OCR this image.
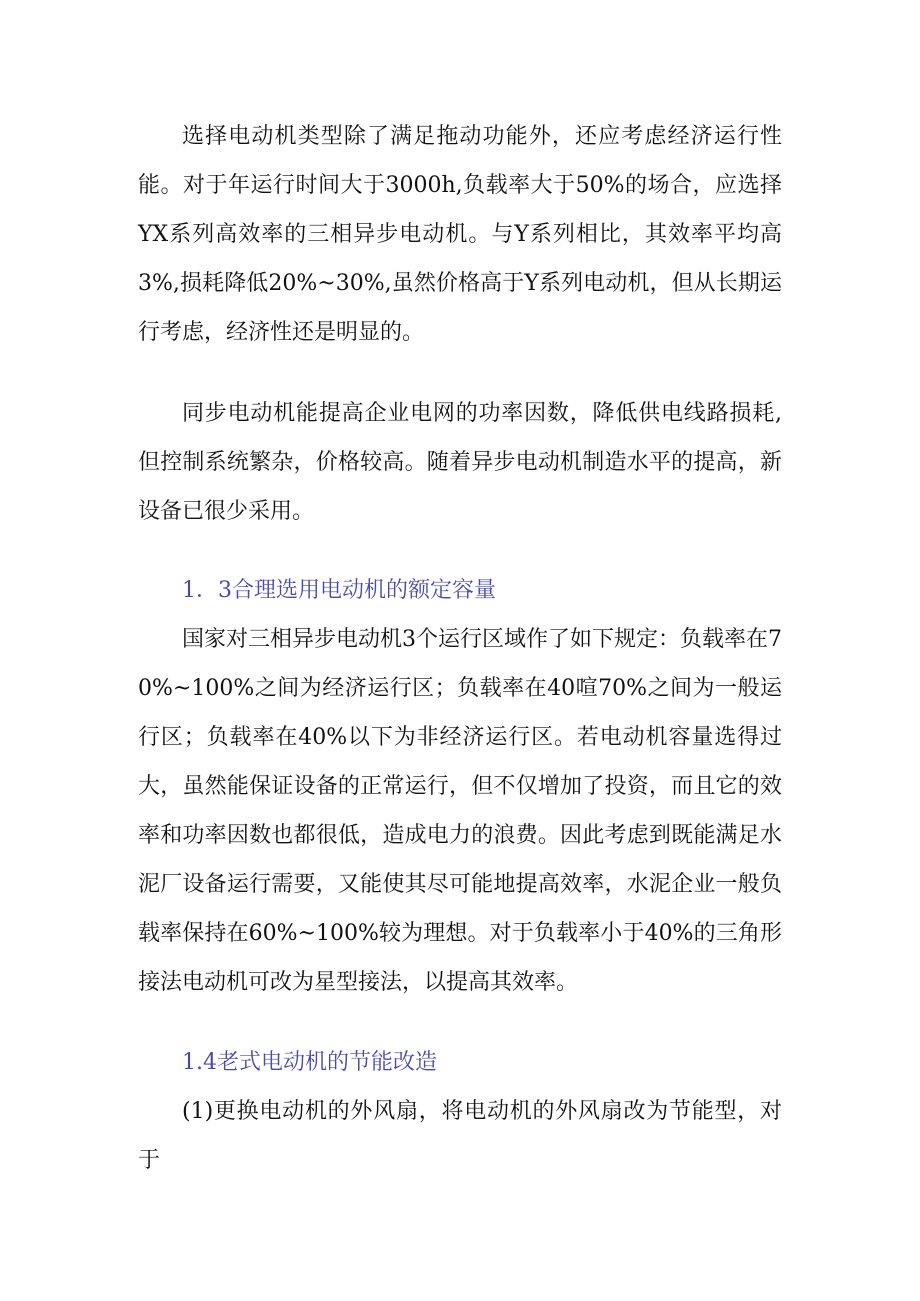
选择电动机类型除了满足拖动功能外，还应考虑经济运行性能。对于年运行时间大于3000h,负载率大于50%的场合，应选择YX系列高效率的三相异步电动机。与Y系列相比，其效率平均高3%,损耗降低20%~30%,虽然价格高于Y系列电动机，但从长期运行考虑，经济性还是明显的。

同步电动机能提高企业电网的功率因数，降低供电线路损耗,但控制系统繁杂，价格较高。随着异步电动机制造水平的提高，新设备已很少采用。

1．3合理选用电动机的额定容量

国家对三相异步电动机3个运行区域作了如下规定：负载率在70%~100%之间为经济运行区；负载率在40喧70%之间为一般运行区；负载率在40%以下为非经济运行区。若电动机容量选得过大，虽然能保证设备的正常运行，但不仅增加了投资，而且它的效率和功率因数也都很低，造成电力的浪费。因此考虑到既能满足水泥厂设备运行需要，又能使其尽可能地提高效率，水泥企业一般负载率保持在60%~100%较为理想。对于负载率小于40%的三角形接法电动机可改为星型接法，以提高其效率。

1.4老式电动机的节能改造

(1)更换电动机的外风扇，将电动机的外风扇改为节能型，对于
